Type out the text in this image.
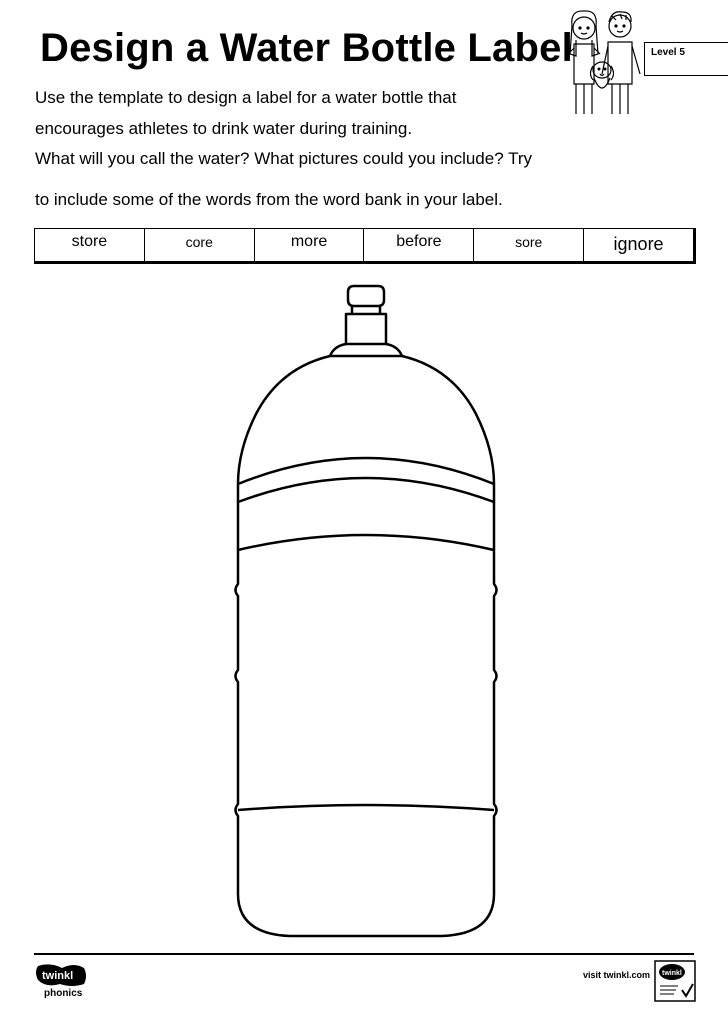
Design a Water Bottle Label	Level 5

Use the template to design a label for a water bottle that

encourages athletes to drink water during training.

What will you call the water? What pictures could you include? Try

to include some of the words from the word bank in your label.

store	core	more	before	sore	ignore
twinkl
phonics
visit twinkl.com twinkl
